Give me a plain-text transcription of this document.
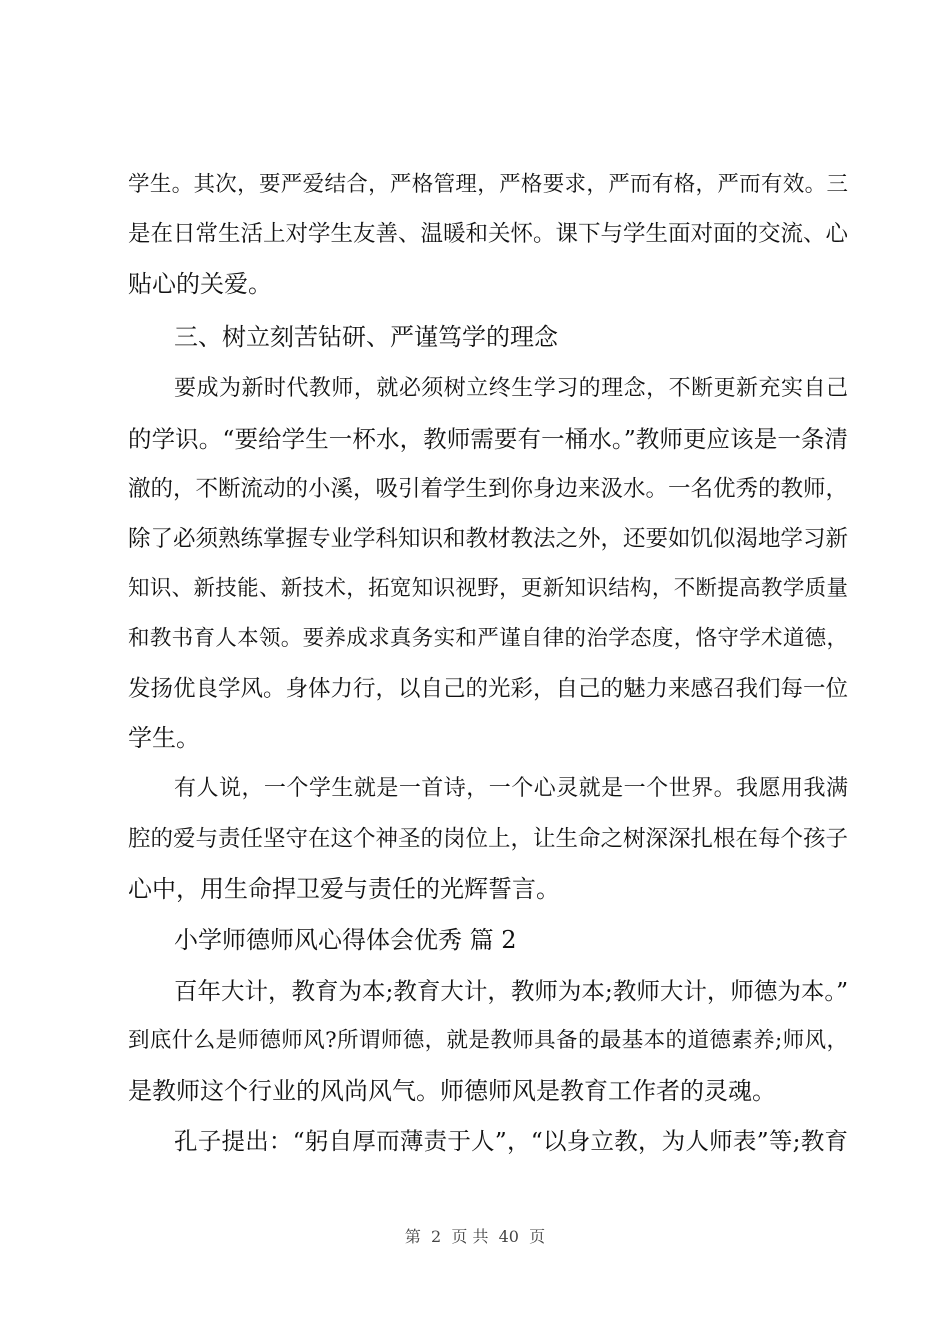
学生。其次，要严爱结合，严格管理，严格要求，严而有格，严而有效。三
是在日常生活上对学生友善、温暖和关怀。课下与学生面对面的交流、心
贴心的关爱。
三、树立刻苦钻研、严谨笃学的理念
要成为新时代教师，就必须树立终生学习的理念，不断更新充实自己
的学识。“要给学生一杯水，教师需要有一桶水。”教师更应该是一条清
澈的，不断流动的小溪，吸引着学生到你身边来汲水。一名优秀的教师，
除了必须熟练掌握专业学科知识和教材教法之外，还要如饥似渴地学习新
知识、新技能、新技术，拓宽知识视野，更新知识结构，不断提高教学质量
和教书育人本领。要养成求真务实和严谨自律的治学态度，恪守学术道德，
发扬优良学风。身体力行，以自己的光彩，自己的魅力来感召我们每一位
学生。
有人说，一个学生就是一首诗，一个心灵就是一个世界。我愿用我满
腔的爱与责任坚守在这个神圣的岗位上，让生命之树深深扎根在每个孩子
心中，用生命捍卫爱与责任的光辉誓言。
小学师德师风心得体会优秀 篇 2
百年大计，教育为本;教育大计，教师为本;教师大计，师德为本。”
到底什么是师德师风?所谓师德，就是教师具备的最基本的道德素养;师风，
是教师这个行业的风尚风气。师德师风是教育工作者的灵魂。
孔子提出：“躬自厚而薄责于人”，“以身立教，为人师表”等;教育
第  2  页 共  40  页
